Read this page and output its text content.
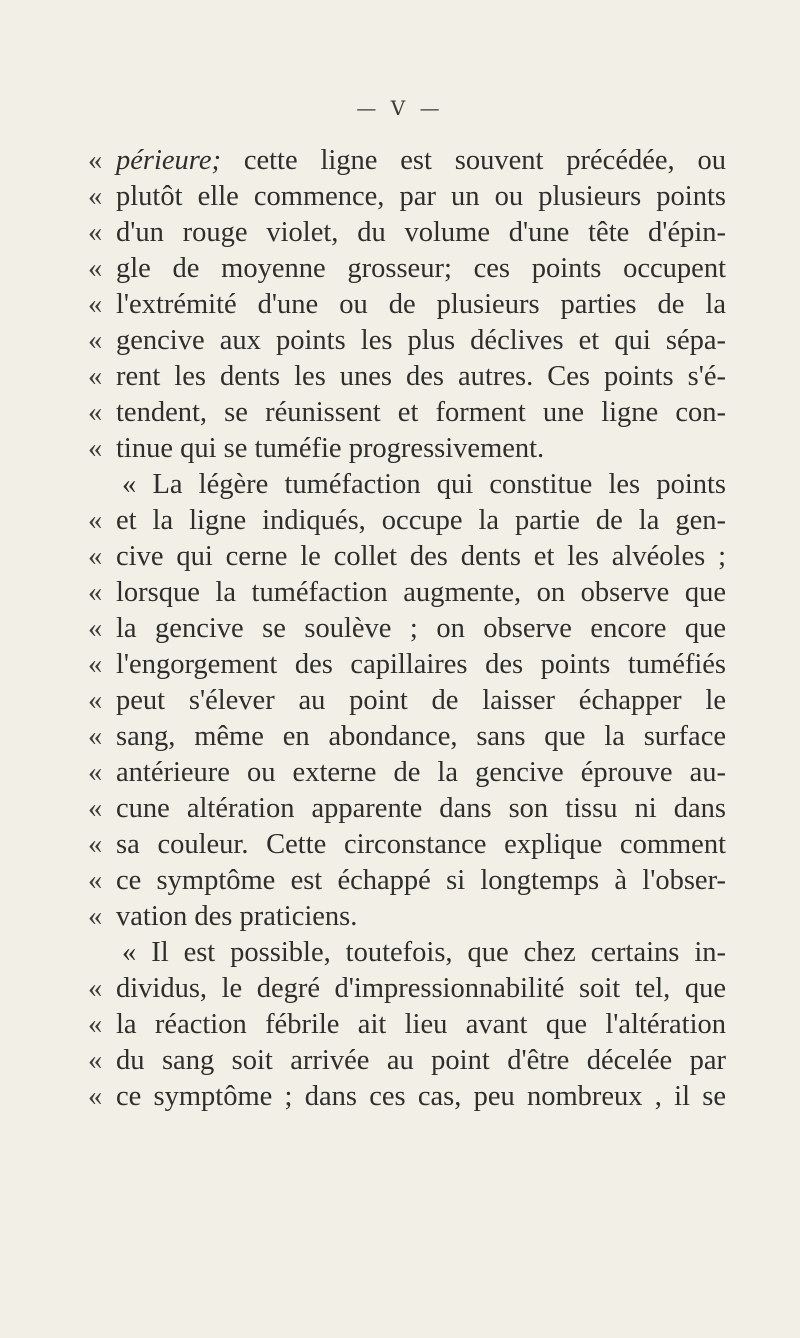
— V —
« périeure; cette ligne est souvent précédée, ou
« plutôt elle commence, par un ou plusieurs points
« d'un rouge violet, du volume d'une tête d'épin-
« gle de moyenne grosseur; ces points occupent
« l'extrémité d'une ou de plusieurs parties de la
« gencive aux points les plus déclives et qui sépa-
« rent les dents les unes des autres. Ces points s'é-
« tendent, se réunissent et forment une ligne con-
« tinue qui se tuméfie progressivement.
« La légère tuméfaction qui constitue les points
« et la ligne indiqués, occupe la partie de la gen-
« cive qui cerne le collet des dents et les alvéoles ;
« lorsque la tuméfaction augmente, on observe que
« la gencive se soulève ; on observe encore que
« l'engorgement des capillaires des points tuméfiés
« peut s'élever au point de laisser échapper le
« sang, même en abondance, sans que la surface
« antérieure ou externe de la gencive éprouve au-
« cune altération apparente dans son tissu ni dans
« sa couleur. Cette circonstance explique comment
« ce symptôme est échappé si longtemps à l'obser-
« vation des praticiens.
« Il est possible, toutefois, que chez certains in-
« dividus, le degré d'impressionnabilité soit tel, que
« la réaction fébrile ait lieu avant que l'altération
« du sang soit arrivée au point d'être décelée par
« ce symptôme ; dans ces cas, peu nombreux , il se
